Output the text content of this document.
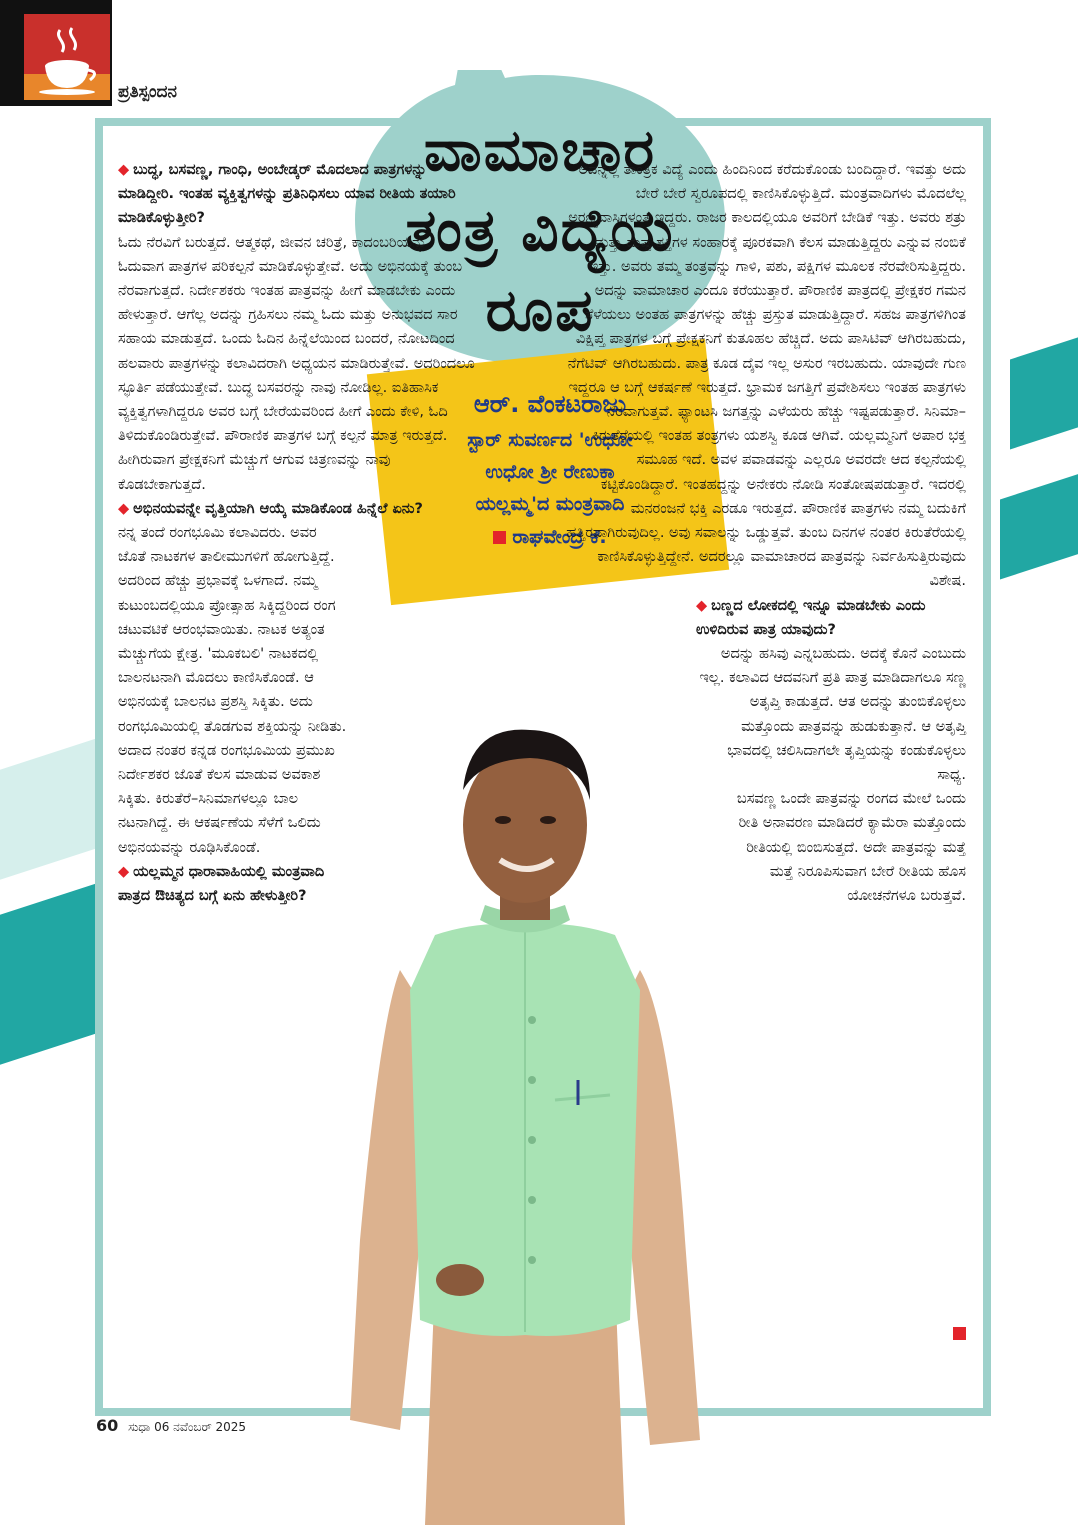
ಪ್ರತಿಸ್ಪಂದನ
ವಾಮಾಚಾರ
ತಂತ್ರ ವಿದ್ಯೆಯ
ರೂಪ
ಆರ್. ವೆಂಕಟರಾಜು
ಸ್ಟಾರ್ ಸುವರ್ಣದ 'ಉಧೋ
ಉಧೋ ಶ್ರೀ ರೇಣುಕಾ
ಯಲ್ಲಮ್ಮ'ದ ಮಂತ್ರವಾದಿ
ರಾಘವೇಂದ್ರ ಕೆ.

◆ ಬುದ್ಧ, ಬಸವಣ್ಣ, ಗಾಂಧಿ, ಅಂಬೇಡ್ಕರ್ ಮೊದಲಾದ ಪಾತ್ರಗಳನ್ನು ಮಾಡಿದ್ದೀರಿ. ಇಂತಹ ವ್ಯಕ್ತಿತ್ವಗಳನ್ನು ಪ್ರತಿನಿಧಿಸಲು ಯಾವ ರೀತಿಯ ತಯಾರಿ ಮಾಡಿಕೊಳ್ಳುತ್ತೀರಿ?

ಓದು ನೆರವಿಗೆ ಬರುತ್ತದೆ. ಆತ್ಮಕಥೆ, ಜೀವನ ಚರಿತ್ರೆ, ಕಾದಂಬರಿಯನ್ನು ಓದುವಾಗ ಪಾತ್ರಗಳ ಪರಿಕಲ್ಪನೆ ಮಾಡಿಕೊಳ್ಳುತ್ತೇವೆ. ಅದು ಅಭಿನಯಕ್ಕೆ ತುಂಬ ನೆರವಾಗುತ್ತದೆ. ನಿರ್ದೇಶಕರು ಇಂತಹ ಪಾತ್ರವನ್ನು ಹೀಗೆ ಮಾಡಬೇಕು ಎಂದು ಹೇಳುತ್ತಾರೆ. ಆಗೆಲ್ಲ ಅದನ್ನು ಗ್ರಹಿಸಲು ನಮ್ಮ ಓದು ಮತ್ತು ಅನುಭವದ ಸಾರ ಸಹಾಯ ಮಾಡುತ್ತದೆ. ಒಂದು ಓದಿನ ಹಿನ್ನೆಲೆಯಿಂದ ಬಂದರೆ, ನೋಟದಿಂದ ಹಲವಾರು ಪಾತ್ರಗಳನ್ನು ಕಲಾವಿದರಾಗಿ ಅಧ್ಯಯನ ಮಾಡಿರುತ್ತೇವೆ. ಅದರಿಂದಲೂ ಸ್ಫೂರ್ತಿ ಪಡೆಯುತ್ತೇವೆ. ಬುದ್ಧ ಬಸವರನ್ನು ನಾವು ನೋಡಿಲ್ಲ. ಐತಿಹಾಸಿಕ ವ್ಯಕ್ತಿತ್ವಗಳಾಗಿದ್ದರೂ ಅವರ ಬಗ್ಗೆ ಬೇರೆಯವರಿಂದ ಹೀಗೆ ಎಂದು ಕೇಳಿ, ಓದಿ ತಿಳಿದುಕೊಂಡಿರುತ್ತೇವೆ. ಪೌರಾಣಿಕ ಪಾತ್ರಗಳ ಬಗ್ಗೆ ಕಲ್ಪನೆ ಮಾತ್ರ ಇರುತ್ತದೆ. ಹೀಗಿರುವಾಗ ಪ್ರೇಕ್ಷಕನಿಗೆ ಮೆಚ್ಚುಗೆ ಆಗುವ ಚಿತ್ರಣವನ್ನು ನಾವು ಕೊಡಬೇಕಾಗುತ್ತದೆ.

◆ ಅಭಿನಯವನ್ನೇ ವೃತ್ತಿಯಾಗಿ ಆಯ್ಕೆ ಮಾಡಿಕೊಂಡ ಹಿನ್ನೆಲೆ ಏನು?

ನನ್ನ ತಂದೆ ರಂಗಭೂಮಿ ಕಲಾವಿದರು. ಅವರ ಜೊತೆ ನಾಟಕಗಳ ತಾಲೀಮುಗಳಿಗೆ ಹೋಗುತ್ತಿದ್ದೆ. ಅದರಿಂದ ಹೆಚ್ಚು ಪ್ರಭಾವಕ್ಕೆ ಒಳಗಾದೆ. ನಮ್ಮ ಕುಟುಂಬದಲ್ಲಿಯೂ ಪ್ರೋತ್ಸಾಹ ಸಿಕ್ಕಿದ್ದರಿಂದ ರಂಗ ಚಟುವಟಿಕೆ ಆರಂಭವಾಯಿತು. ನಾಟಕ ಅತ್ಯಂತ ಮೆಚ್ಚುಗೆಯ ಕ್ಷೇತ್ರ. 'ಮೂಕಬಲಿ' ನಾಟಕದಲ್ಲಿ ಬಾಲನಟನಾಗಿ ಮೊದಲು ಕಾಣಿಸಿಕೊಂಡೆ. ಆ ಅಭಿನಯಕ್ಕೆ ಬಾಲನಟ ಪ್ರಶಸ್ತಿ ಸಿಕ್ಕಿತು. ಅದು ರಂಗಭೂಮಿಯಲ್ಲಿ ತೊಡಗುವ ಶಕ್ತಿಯನ್ನು ನೀಡಿತು. ಅದಾದ ನಂತರ ಕನ್ನಡ ರಂಗಭೂಮಿಯ ಪ್ರಮುಖ ನಿರ್ದೇಶಕರ ಜೊತೆ ಕೆಲಸ ಮಾಡುವ ಅವಕಾಶ ಸಿಕ್ಕಿತು. ಕಿರುತೆರೆ–ಸಿನಿಮಾಗಳಲ್ಲೂ ಬಾಲ ನಟನಾಗಿದ್ದೆ. ಈ ಆಕರ್ಷಣೆಯ ಸೆಳೆಗೆ ಒಲಿದು ಅಭಿನಯವನ್ನು ರೂಢಿಸಿಕೊಂಡೆ.

◆ ಯಲ್ಲಮ್ಮನ ಧಾರಾವಾಹಿಯಲ್ಲಿ ಮಂತ್ರವಾದಿ ಪಾತ್ರದ ಔಚಿತ್ಯದ ಬಗ್ಗೆ ಏನು ಹೇಳುತ್ತೀರಿ?

ಅದನ್ನೆಲ್ಲ ತಾಂತ್ರಿಕ ವಿದ್ಯೆ ಎಂದು ಹಿಂದಿನಿಂದ ಕರೆದುಕೊಂಡು ಬಂದಿದ್ದಾರೆ. ಇವತ್ತು ಅದು ಬೇರೆ ಬೇರೆ ಸ್ವರೂಪದಲ್ಲಿ ಕಾಣಿಸಿಕೊಳ್ಳುತ್ತಿದೆ. ಮಂತ್ರವಾದಿಗಳು ಮೊದಲೆಲ್ಲ ಅರಣ್ಯವಾಸಿಗಳಂತೆ ಇದ್ದರು. ರಾಜರ ಕಾಲದಲ್ಲಿಯೂ ಅವರಿಗೆ ಬೇಡಿಕೆ ಇತ್ತು. ಅವರು ಶತ್ರು ಮತ್ತು ದುಷ್ಟ ಶಕ್ತಿಗಳ ಸಂಹಾರಕ್ಕೆ ಪೂರಕವಾಗಿ ಕೆಲಸ ಮಾಡುತ್ತಿದ್ದರು ಎನ್ನುವ ನಂಬಿಕೆ ಇತ್ತು. ಅವರು ತಮ್ಮ ತಂತ್ರವನ್ನು ಗಾಳಿ, ಪಶು, ಪಕ್ಷಿಗಳ ಮೂಲಕ ನೆರವೇರಿಸುತ್ತಿದ್ದರು. ಅದನ್ನು ವಾಮಾಚಾರ ಎಂದೂ ಕರೆಯುತ್ತಾರೆ. ಪೌರಾಣಿಕ ಪಾತ್ರದಲ್ಲಿ ಪ್ರೇಕ್ಷಕರ ಗಮನ ಸೆಳೆಯಲು ಅಂತಹ ಪಾತ್ರಗಳನ್ನು ಹೆಚ್ಚು ಪ್ರಸ್ತುತ ಮಾಡುತ್ತಿದ್ದಾರೆ. ಸಹಜ ಪಾತ್ರಗಳಿಗಿಂತ ವಿಕ್ಷಿಪ್ತ ಪಾತ್ರಗಳ ಬಗ್ಗೆ ಪ್ರೇಕ್ಷಕನಿಗೆ ಕುತೂಹಲ ಹೆಚ್ಚಿದೆ. ಅದು ಪಾಸಿಟಿವ್ ಆಗಿರಬಹುದು, ನೆಗೆಟಿವ್ ಆಗಿರಬಹುದು. ಪಾತ್ರ ಕೂಡ ದೈವ ಇಲ್ಲ ಅಸುರ ಇರಬಹುದು. ಯಾವುದೇ ಗುಣ ಇದ್ದರೂ ಆ ಬಗ್ಗೆ ಆಕರ್ಷಣೆ ಇರುತ್ತದೆ. ಭ್ರಾಮಕ ಜಗತ್ತಿಗೆ ಪ್ರವೇಶಿಸಲು ಇಂತಹ ಪಾತ್ರಗಳು ನೆರವಾಗುತ್ತವೆ. ಫ್ಯಾಂಟಸಿ ಜಗತ್ತನ್ನು ಎಳೆಯರು ಹೆಚ್ಚು ಇಷ್ಟಪಡುತ್ತಾರೆ. ಸಿನಿಮಾ–ಕಿರುತೆರೆಯಲ್ಲಿ ಇಂತಹ ತಂತ್ರಗಳು ಯಶಸ್ವಿ ಕೂಡ ಆಗಿವೆ. ಯಲ್ಲಮ್ಮನಿಗೆ ಅಪಾರ ಭಕ್ತ ಸಮೂಹ ಇದೆ. ಅವಳ ಪವಾಡವನ್ನು ಎಲ್ಲರೂ ಅವರದೇ ಆದ ಕಲ್ಪನೆಯಲ್ಲಿ ಕಟ್ಟಿಕೊಂಡಿದ್ದಾರೆ. ಇಂತಹದ್ದನ್ನು ಅನೇಕರು ನೋಡಿ ಸಂತೋಷಪಡುತ್ತಾರೆ. ಇದರಲ್ಲಿ ಮನರಂಜನೆ ಭಕ್ತಿ ಎರಡೂ ಇರುತ್ತದೆ. ಪೌರಾಣಿಕ ಪಾತ್ರಗಳು ನಮ್ಮ ಬದುಕಿಗೆ ಹತ್ತಿರವಾಗಿರುವುದಿಲ್ಲ. ಅವು ಸವಾಲನ್ನು ಒಡ್ಡುತ್ತವೆ. ತುಂಬ ದಿನಗಳ ನಂತರ ಕಿರುತೆರೆಯಲ್ಲಿ ಕಾಣಿಸಿಕೊಳ್ಳುತ್ತಿದ್ದೇನೆ. ಅದರಲ್ಲೂ ವಾಮಾಚಾರದ ಪಾತ್ರವನ್ನು ನಿರ್ವಹಿಸುತ್ತಿರುವುದು ವಿಶೇಷ.

◆ ಬಣ್ಣದ ಲೋಕದಲ್ಲಿ ಇನ್ನೂ ಮಾಡಬೇಕು ಎಂದು ಉಳಿದಿರುವ ಪಾತ್ರ ಯಾವುದು?

ಅದನ್ನು ಹಸಿವು ಎನ್ನಬಹುದು. ಅದಕ್ಕೆ ಕೊನೆ ಎಂಬುದು ಇಲ್ಲ. ಕಲಾವಿದ ಆದವನಿಗೆ ಪ್ರತಿ ಪಾತ್ರ ಮಾಡಿದಾಗಲೂ ಸಣ್ಣ ಅತೃಪ್ತಿ ಕಾಡುತ್ತದೆ. ಆತ ಅದನ್ನು ತುಂಬಿಕೊಳ್ಳಲು ಮತ್ತೊಂದು ಪಾತ್ರವನ್ನು ಹುಡುಕುತ್ತಾನೆ. ಆ ಅತೃಪ್ತಿ ಭಾವದಲ್ಲಿ ಚಲಿಸಿದಾಗಲೇ ತೃಪ್ತಿಯನ್ನು ಕಂಡುಕೊಳ್ಳಲು ಸಾಧ್ಯ.

ಬಸವಣ್ಣ ಒಂದೇ ಪಾತ್ರವನ್ನು ರಂಗದ ಮೇಲೆ ಒಂದು ರೀತಿ ಅನಾವರಣ ಮಾಡಿದರೆ ಕ್ಯಾಮೆರಾ ಮತ್ತೊಂದು ರೀತಿಯಲ್ಲಿ ಬಿಂಬಿಸುತ್ತದೆ. ಅದೇ ಪಾತ್ರವನ್ನು ಮತ್ತೆ ಮತ್ತೆ ನಿರೂಪಿಸುವಾಗ ಬೇರೆ ರೀತಿಯ ಹೊಸ ಯೋಚನೆಗಳೂ ಬರುತ್ತವೆ.

60 ಸುಧಾ 06 ನವೆಂಬರ್ 2025
